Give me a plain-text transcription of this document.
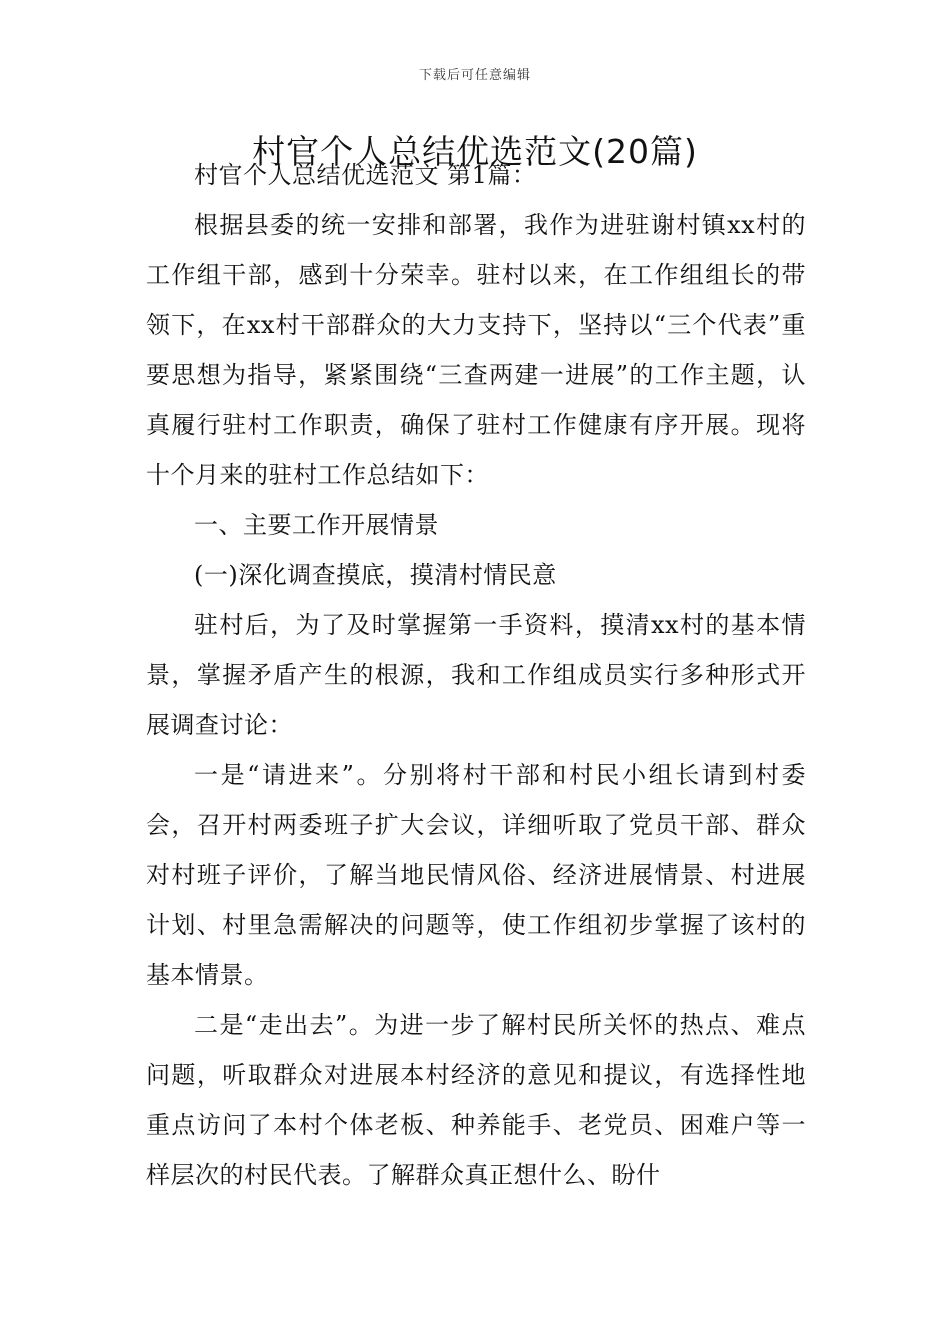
下载后可任意编辑
村官个人总结优选范文(20篇)

村官个人总结优选范文 第1篇：

根据县委的统一安排和部署，我作为进驻谢村镇xx村的工作组干部，感到十分荣幸。驻村以来，在工作组组长的带领下，在xx村干部群众的大力支持下，坚持以“三个代表”重要思想为指导，紧紧围绕“三查两建一进展”的工作主题，认真履行驻村工作职责，确保了驻村工作健康有序开展。现将十个月来的驻村工作总结如下：

一、主要工作开展情景

(一)深化调查摸底，摸清村情民意

驻村后，为了及时掌握第一手资料，摸清xx村的基本情景，掌握矛盾产生的根源，我和工作组成员实行多种形式开展调查讨论：

一是“请进来”。分别将村干部和村民小组长请到村委会，召开村两委班子扩大会议，详细听取了党员干部、群众对村班子评价，了解当地民情风俗、经济进展情景、村进展计划、村里急需解决的问题等，使工作组初步掌握了该村的基本情景。

二是“走出去”。为进一步了解村民所关怀的热点、难点问题，听取群众对进展本村经济的意见和提议，有选择性地重点访问了本村个体老板、种养能手、老党员、困难户等一样层次的村民代表。了解群众真正想什么、盼什
